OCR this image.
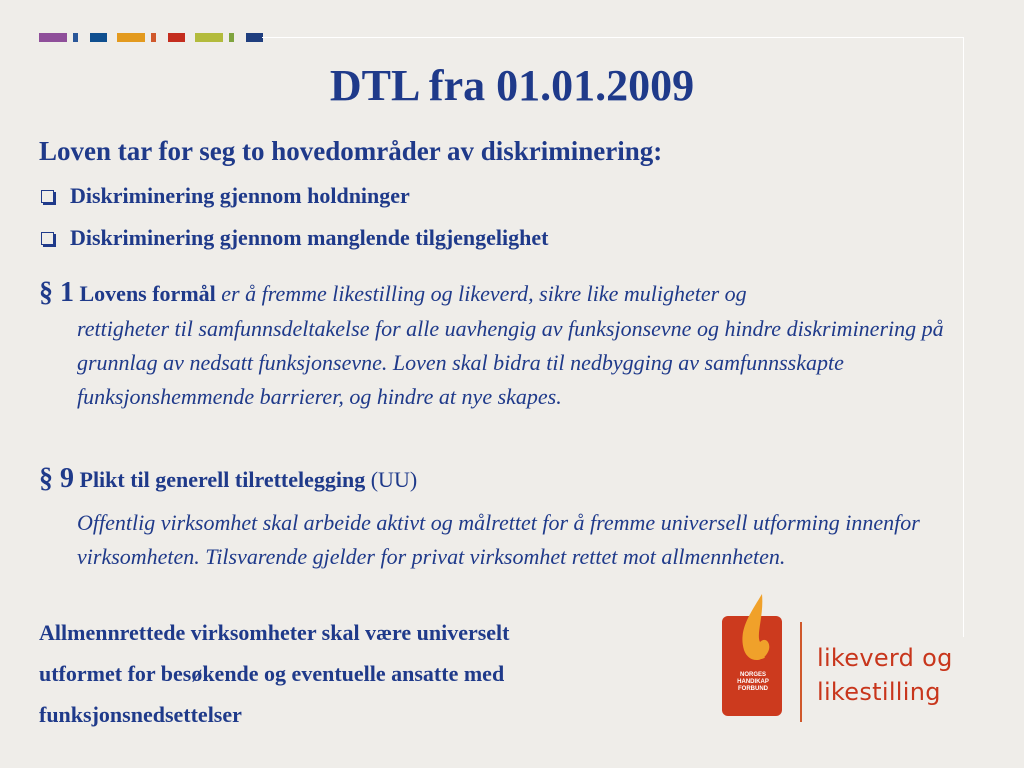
DTL fra 01.01.2009
Loven tar for seg to hovedområder av diskriminering:
Diskriminering gjennom holdninger
Diskriminering gjennom manglende tilgjengelighet
§ 1 Lovens formål er å fremme likestilling og likeverd, sikre like muligheter og
rettigheter til samfunnsdeltakelse for alle uavhengig av funksjonsevne og hindre diskriminering på grunnlag av nedsatt funksjonsevne. Loven skal bidra til nedbygging av samfunnsskapte funksjonshemmende barrierer, og hindre at nye skapes.
§ 9 Plikt til generell tilrettelegging (UU)
Offentlig virksomhet skal arbeide aktivt og målrettet for å fremme universell utforming innenfor virksomheten. Tilsvarende gjelder for privat virksomhet rettet mot allmennheten.
Allmennrettede virksomheter skal være universelt
utformet for besøkende og eventuelle ansatte med
funksjonsnedsettelser
NORGES
HANDIKAP
FORBUND
likeverd og
likestilling
